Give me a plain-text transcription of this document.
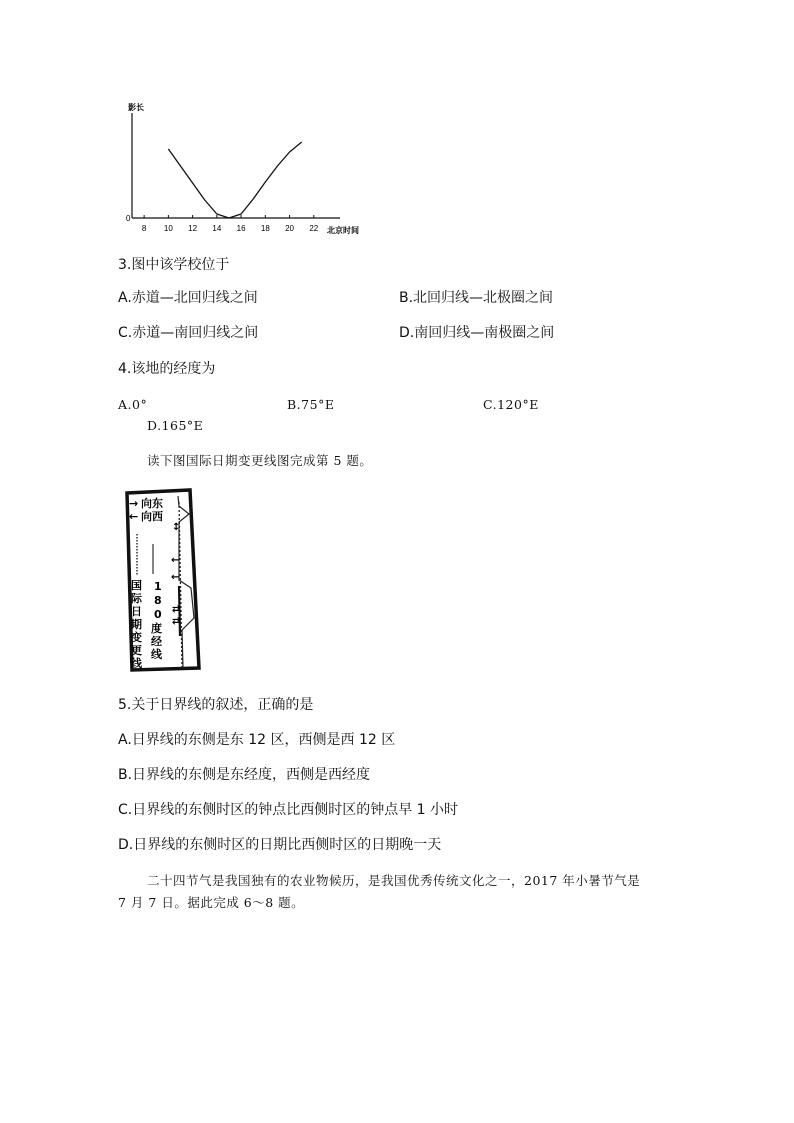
影长
北京时间
0
8 10 12 14 16 18 20 22
3.图中该学校位于
A.赤道—北回归线之间	B.北回归线—北极圈之间
C.赤道—南回归线之间	D.南回归线—南极圈之间
4.该地的经度为
A.0°	B.75°E	C.120°E
D.165°E
读下图国际日期变更线图完成第 5 题。
→ 向东
← 向西
国
际
日
期
变
更
线
1
8
0
度
经
线
↕
←
←
⇄
⇄
5.关于日界线的叙述，正确的是
A.日界线的东侧是东 12 区，西侧是西 12 区
B.日界线的东侧是东经度，西侧是西经度
C.日界线的东侧时区的钟点比西侧时区的钟点早 1 小时
D.日界线的东侧时区的日期比西侧时区的日期晚一天
二十四节气是我国独有的农业物候历，是我国优秀传统文化之一，2017 年小暑节气是
7 月 7 日。据此完成 6～8 题。
